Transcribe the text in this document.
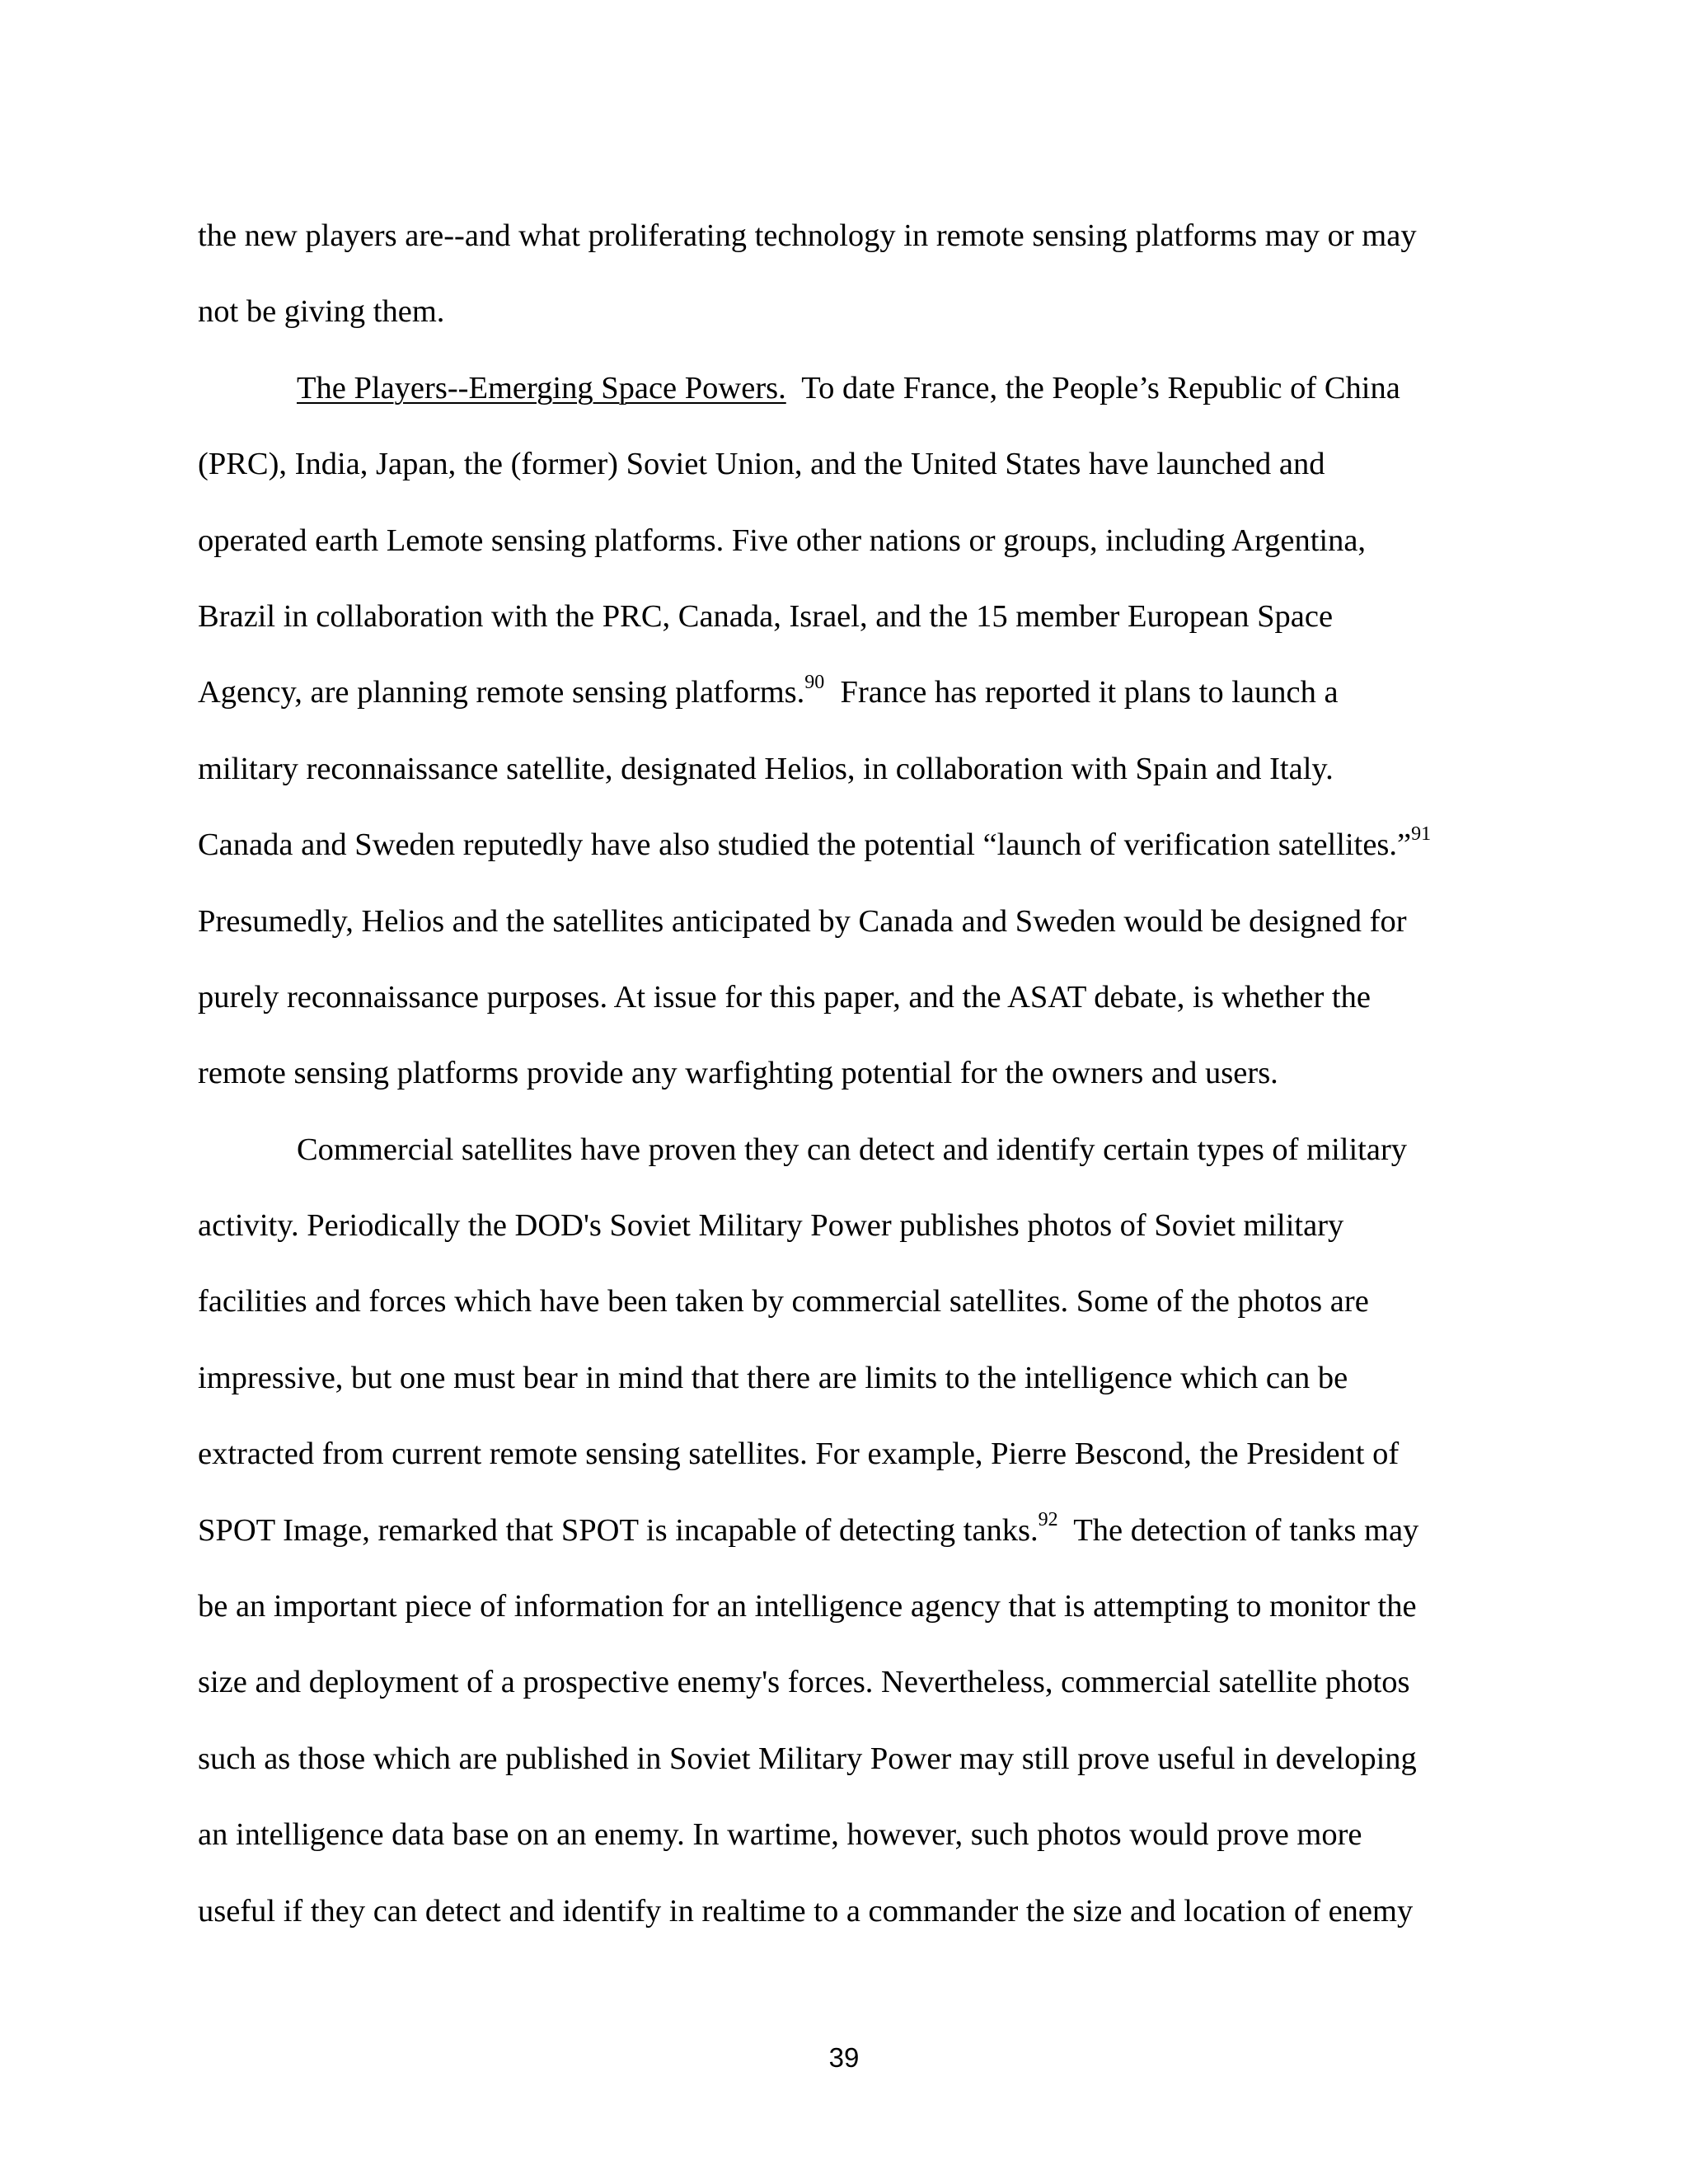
the new players are--and what proliferating technology in remote sensing platforms may or may
not be giving them.
The Players--Emerging Space Powers.  To date France, the People’s Republic of China
(PRC), India, Japan, the (former) Soviet Union, and the United States have launched and
operated earth Lemote sensing platforms. Five other nations or groups, including Argentina,
Brazil in collaboration with the PRC, Canada, Israel, and the 15 member European Space
Agency, are planning remote sensing platforms.$^{90}$  France has reported it plans to launch a
military reconnaissance satellite, designated Helios, in collaboration with Spain and Italy.
Canada and Sweden reputedly have also studied the potential “launch of verification satellites.”$^{91}$
Presumedly, Helios and the satellites anticipated by Canada and Sweden would be designed for
purely reconnaissance purposes. At issue for this paper, and the ASAT debate, is whether the
remote sensing platforms provide any warfighting potential for the owners and users.
Commercial satellites have proven they can detect and identify certain types of military
activity. Periodically the DOD's Soviet Military Power publishes photos of Soviet military
facilities and forces which have been taken by commercial satellites. Some of the photos are
impressive, but one must bear in mind that there are limits to the intelligence which can be
extracted from current remote sensing satellites. For example, Pierre Bescond, the President of
SPOT Image, remarked that SPOT is incapable of detecting tanks.$^{92}$  The detection of tanks may
be an important piece of information for an intelligence agency that is attempting to monitor the
size and deployment of a prospective enemy's forces. Nevertheless, commercial satellite photos
such as those which are published in Soviet Military Power may still prove useful in developing
an intelligence data base on an enemy. In wartime, however, such photos would prove more
useful if they can detect and identify in realtime to a commander the size and location of enemy
39
